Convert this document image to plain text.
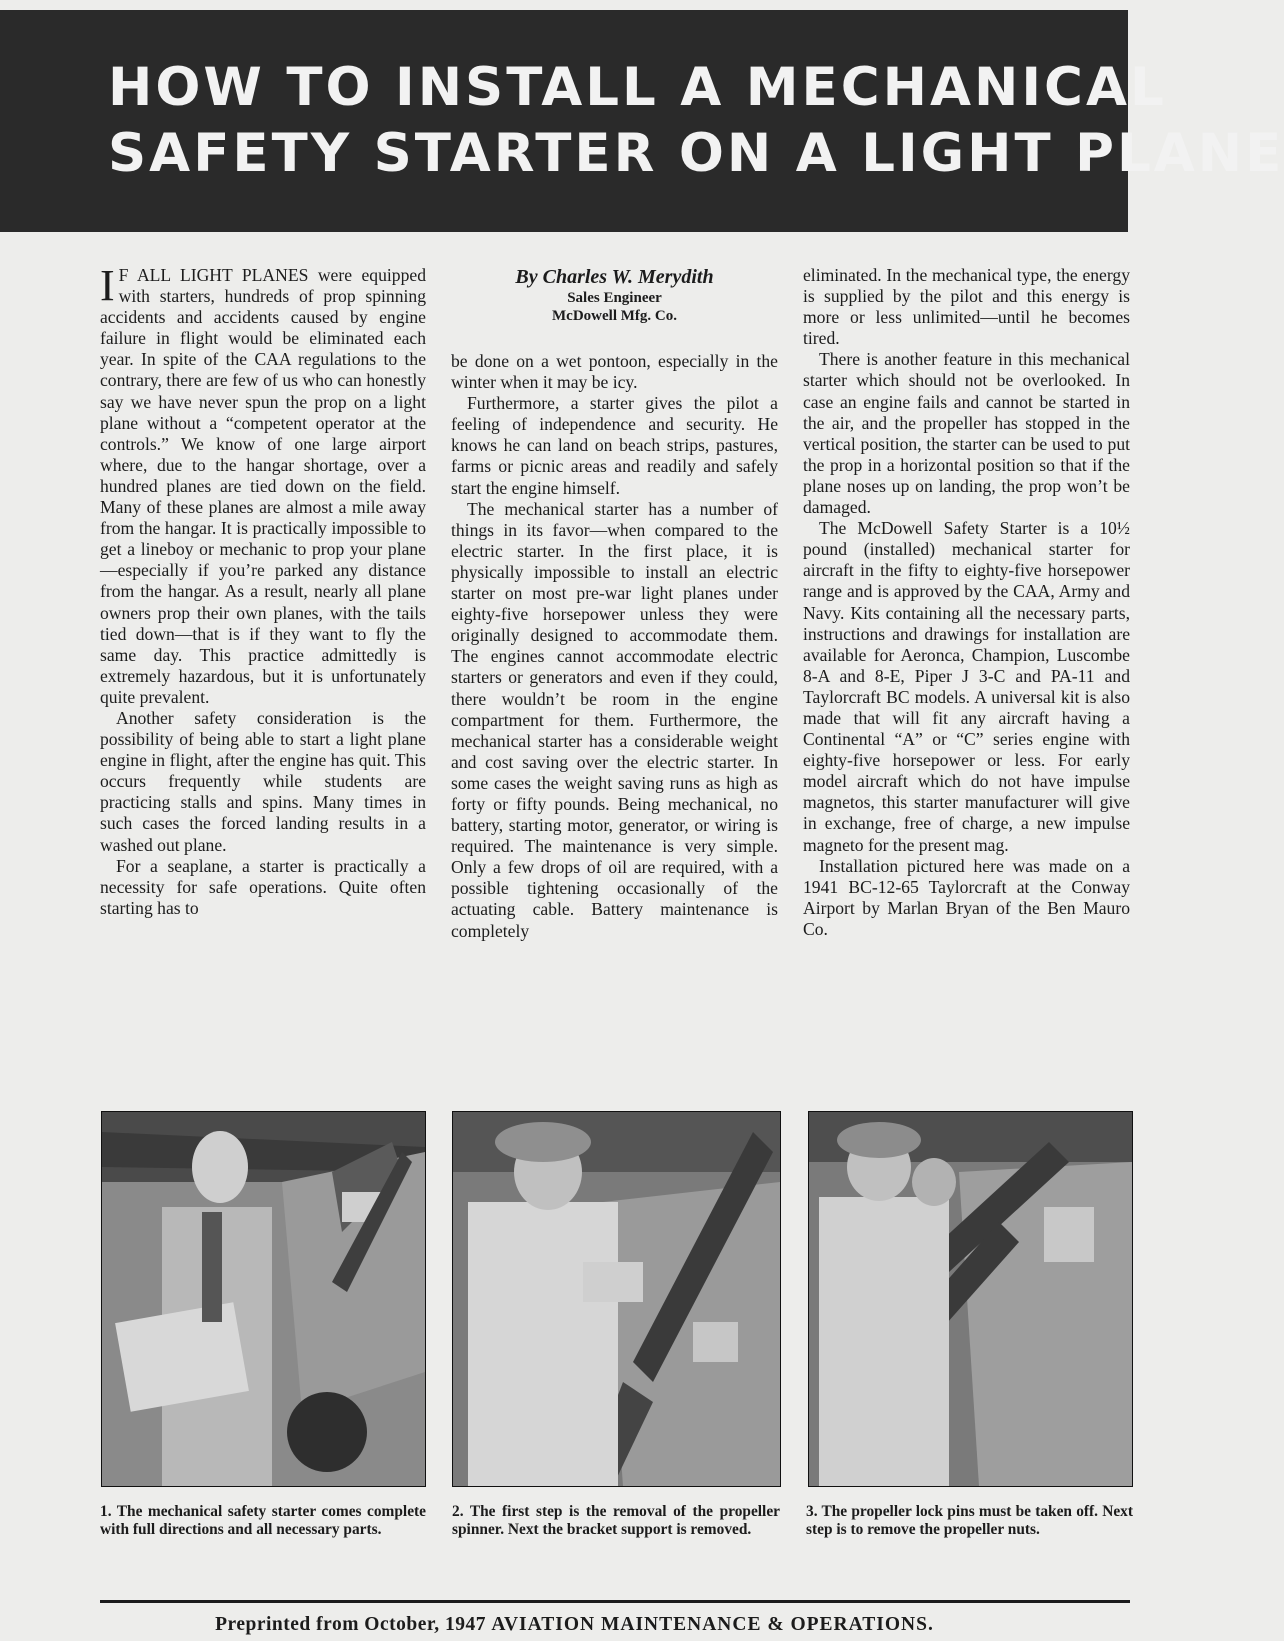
HOW TO INSTALL A MECHANICAL
SAFETY STARTER ON A LIGHT PLANE

I F ALL LIGHT PLANES were equipped with starters, hundreds of prop spinning accidents and accidents caused by engine failure in flight would be eliminated each year. In spite of the CAA regulations to the contrary, there are few of us who can honestly say we have never spun the prop on a light plane without a “competent operator at the controls.” We know of one large airport where, due to the hangar shortage, over a hundred planes are tied down on the field. Many of these planes are almost a mile away from the hangar. It is practically impossible to get a lineboy or mechanic to prop your plane—especially if you’re parked any distance from the hangar. As a result, nearly all plane owners prop their own planes, with the tails tied down—that is if they want to fly the same day. This practice admittedly is extremely hazardous, but it is unfortunately quite prevalent.

Another safety consideration is the possibility of being able to start a light plane engine in flight, after the engine has quit. This occurs frequently while students are practicing stalls and spins. Many times in such cases the forced landing results in a washed out plane.

For a seaplane, a starter is practically a necessity for safe operations. Quite often starting has to

By Charles W. Merydith
Sales Engineer
McDowell Mfg. Co.

be done on a wet pontoon, especially in the winter when it may be icy.

Furthermore, a starter gives the pilot a feeling of independence and security. He knows he can land on beach strips, pastures, farms or picnic areas and readily and safely start the engine himself.

The mechanical starter has a number of things in its favor—when compared to the electric starter. In the first place, it is physically impossible to install an electric starter on most pre-war light planes under eighty-five horsepower unless they were originally designed to accommodate them. The engines cannot accommodate electric starters or generators and even if they could, there wouldn’t be room in the engine compartment for them. Furthermore, the mechanical starter has a considerable weight and cost saving over the electric starter. In some cases the weight saving runs as high as forty or fifty pounds. Being mechanical, no battery, starting motor, generator, or wiring is required. The maintenance is very simple. Only a few drops of oil are required, with a possible tightening occasionally of the actuating cable. Battery maintenance is completely

eliminated. In the mechanical type, the energy is supplied by the pilot and this energy is more or less unlimited—until he becomes tired.

There is another feature in this mechanical starter which should not be overlooked. In case an engine fails and cannot be started in the air, and the propeller has stopped in the vertical position, the starter can be used to put the prop in a horizontal position so that if the plane noses up on landing, the prop won’t be damaged.

The McDowell Safety Starter is a 10½ pound (installed) mechanical starter for aircraft in the fifty to eighty-five horsepower range and is approved by the CAA, Army and Navy. Kits containing all the necessary parts, instructions and drawings for installation are available for Aeronca, Champion, Luscombe 8-A and 8-E, Piper J 3-C and PA-11 and Taylorcraft BC models. A universal kit is also made that will fit any aircraft having a Continental “A” or “C” series engine with eighty-five horsepower or less. For early model aircraft which do not have impulse magnetos, this starter manufacturer will give in exchange, free of charge, a new impulse magneto for the present mag.

Installation pictured here was made on a 1941 BC-12-65 Taylorcraft at the Conway Airport by Marlan Bryan of the Ben Mauro Co.

1. The mechanical safety starter comes complete with full directions and all necessary parts.
2. The first step is the removal of the propeller spinner. Next the bracket support is removed.
3. The propeller lock pins must be taken off. Next step is to remove the propeller nuts.
Preprinted from October, 1947 AVIATION MAINTENANCE & OPERATIONS.
